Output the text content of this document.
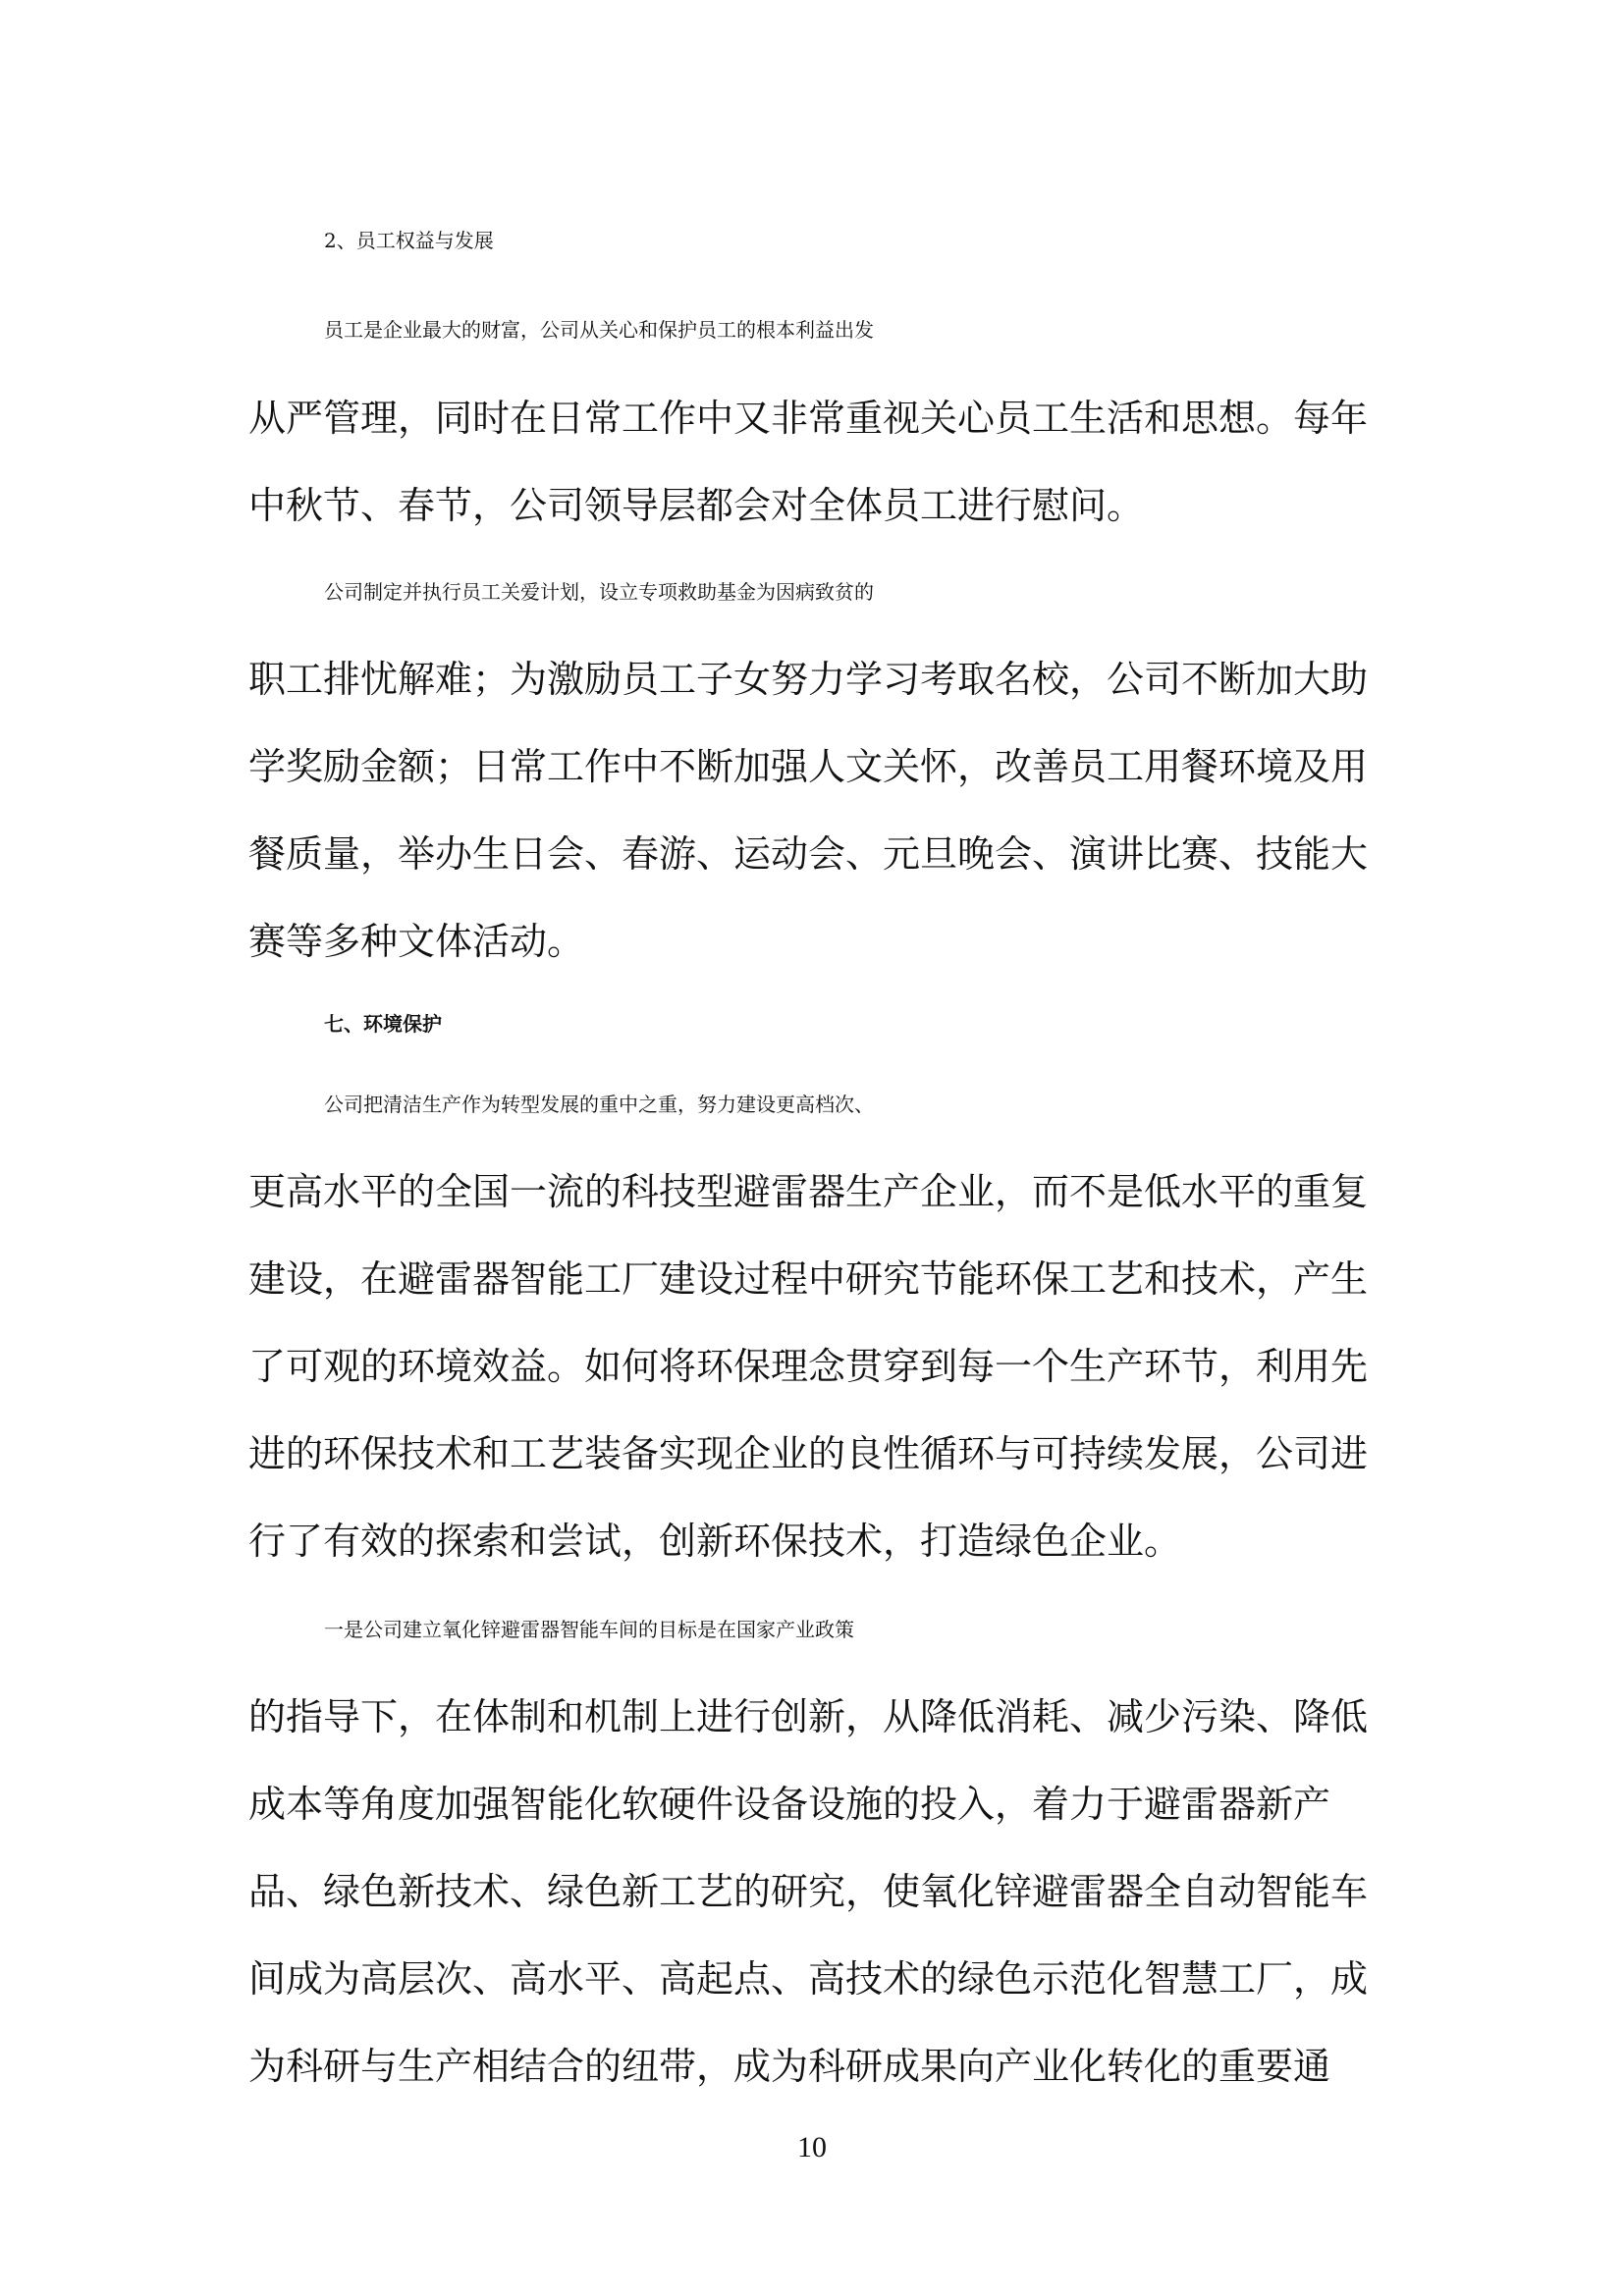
2、员工权益与发展

员工是企业最大的财富，公司从关心和保护员工的根本利益出发

从严管理，同时在日常工作中又非常重视关心员工生活和思想。每年

中秋节、春节，公司领导层都会对全体员工进行慰问。

公司制定并执行员工关爱计划，设立专项救助基金为因病致贫的

职工排忧解难；为激励员工子女努力学习考取名校，公司不断加大助

学奖励金额；日常工作中不断加强人文关怀，改善员工用餐环境及用

餐质量，举办生日会、春游、运动会、元旦晚会、演讲比赛、技能大

赛等多种文体活动。

七、环境保护

公司把清洁生产作为转型发展的重中之重，努力建设更高档次、

更高水平的全国一流的科技型避雷器生产企业，而不是低水平的重复

建设，在避雷器智能工厂建设过程中研究节能环保工艺和技术，产生

了可观的环境效益。如何将环保理念贯穿到每一个生产环节，利用先

进的环保技术和工艺装备实现企业的良性循环与可持续发展，公司进

行了有效的探索和尝试，创新环保技术，打造绿色企业。

一是公司建立氧化锌避雷器智能车间的目标是在国家产业政策

的指导下，在体制和机制上进行创新，从降低消耗、减少污染、降低

成本等角度加强智能化软硬件设备设施的投入，着力于避雷器新产

品、绿色新技术、绿色新工艺的研究，使氧化锌避雷器全自动智能车

间成为高层次、高水平、高起点、高技术的绿色示范化智慧工厂，成

为科研与生产相结合的纽带，成为科研成果向产业化转化的重要通

10
